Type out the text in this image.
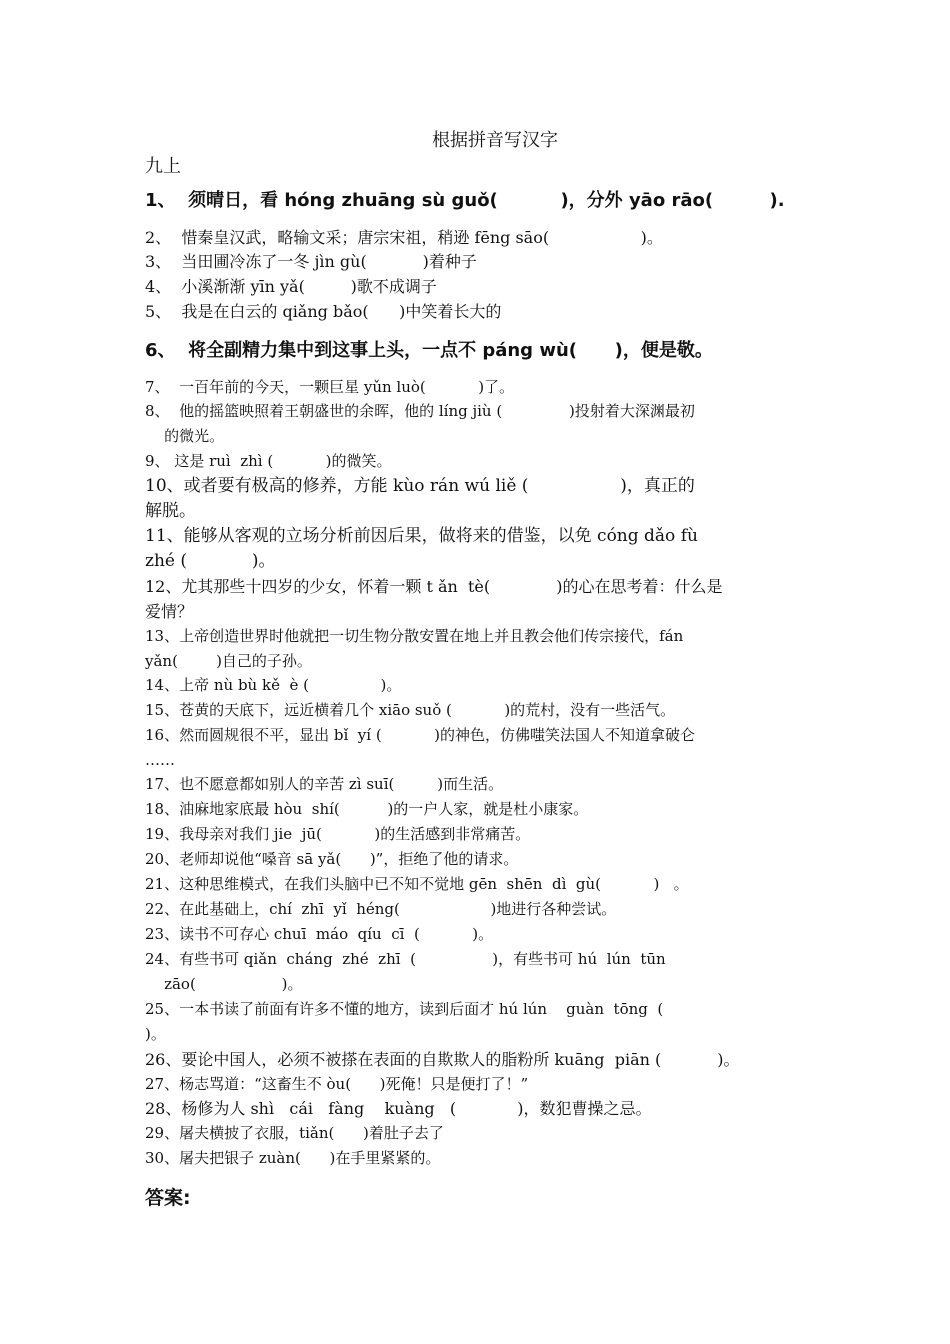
根据拼音写汉字
九上
1、  须晴日，看 hóng zhuāng sù guǒ(          )，分外 yāo rāo(         ).
2、  惜秦皇汉武，略输文采；唐宗宋祖，稍逊 fēng sāo(                  )。
3、  当田圃冷冻了一冬 jìn gù(           )着种子
4、  小溪渐渐 yīn yǎ(         )歌不成调子
5、  我是在白云的 qiǎng bǎo(      )中笑着长大的
6、  将全副精力集中到这事上头，一点不 páng wù(      )，便是敬。
7、  一百年前的今天，一颗巨星 yǔn luò(           )了。
8、  他的摇篮映照着王朝盛世的余晖，他的 líng jiù (              )投射着大深渊最初
的微光。
9、 这是 ruì  zhì (           )的微笑。
10、或者要有极高的修养，方能 kùo rán wú liě (                 )，真正的
解脱。
11、能够从客观的立场分析前因后果，做将来的借鉴，以免 cóng dǎo fù
zhé (            )。
12、尤其那些十四岁的少女，怀着一颗 t ǎn  tè(             )的心在思考着：什么是
爱情？
13、上帝创造世界时他就把一切生物分散安置在地上并且教会他们传宗接代，fán
yǎn(        )自己的子孙。
14、上帝 nù bù kě  è (               )。
15、苍黄的天底下，远近横着几个 xiāo suǒ (           )的荒村，没有一些活气。
16、然而圆规很不平，显出 bǐ  yí (           )的神色，仿佛嗤笑法国人不知道拿破仑
……
17、也不愿意都如别人的辛苦 zì suī(         )而生活。
18、油麻地家底最 hòu  shí(          )的一户人家，就是杜小康家。
19、我母亲对我们 jie  jū(           )的生活感到非常痛苦。
20、老师却说他“嗓音 sā yǎ(      )”，拒绝了他的请求。
21、这种思维模式，在我们头脑中已不知不觉地 gēn  shēn  dì  gù(           )   。
22、在此基础上，chí  zhī  yǐ  héng(                   )地进行各种尝试。
23、读书不可存心 chuī  máo  qíu  cī  (           )。
24、有些书可 qiǎn  cháng  zhé  zhī  (                )，有些书可 hú  lún  tūn
zāo(                  )。
25、一本书读了前面有许多不懂的地方，读到后面才 hú lún    guàn  tōng  (
)。
26、要论中国人，必须不被搽在表面的自欺欺人的脂粉所 kuāng  piān (           )。
27、杨志骂道：“这畜生不 òu(      )死俺！只是便打了！”
28、杨修为人 shì   cái   fàng    kuàng   (            )，数犯曹操之忌。
29、屠夫横披了衣服，tiǎn(      )着肚子去了
30、屠夫把银子 zuàn(      )在手里紧紧的。
答案:
